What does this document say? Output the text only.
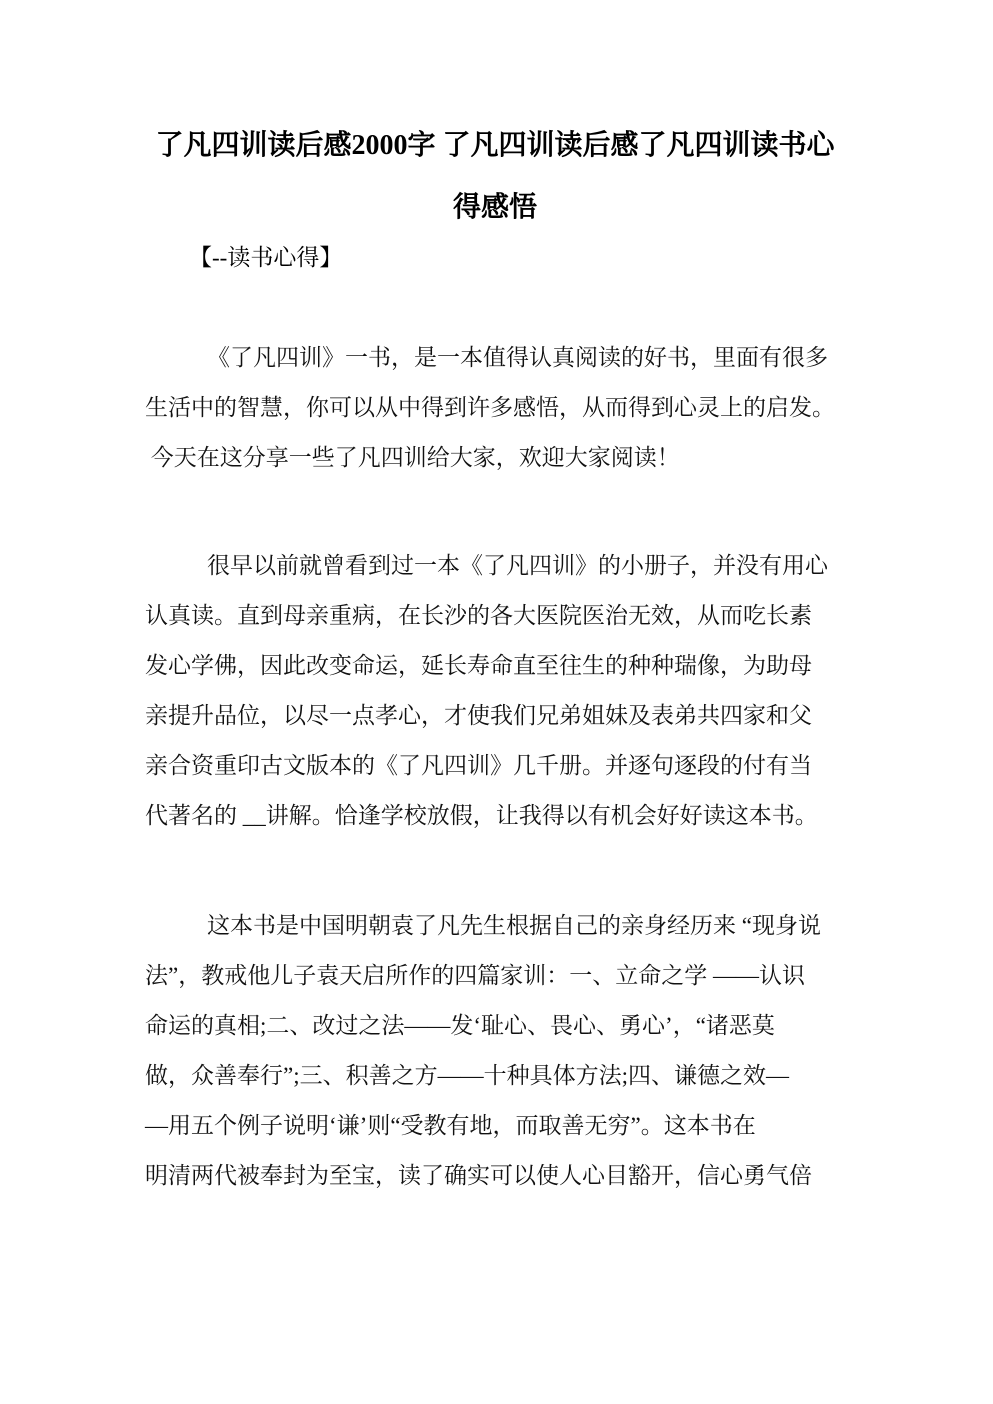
了凡四训读后感2000字 了凡四训读后感了凡四训读书心
得感悟

【--读书心得】

《了凡四训》一书，是一本值得认真阅读的好书，里面有很多
生活中的智慧，你可以从中得到许多感悟，从而得到心灵上的启发。
今天在这分享一些了凡四训给大家，欢迎大家阅读！

很早以前就曾看到过一本《了凡四训》的小册子，并没有用心
认真读。直到母亲重病，在长沙的各大医院医治无效，从而吃长素
发心学佛，因此改变命运，延长寿命直至往生的种种瑞像，为助母
亲提升品位，以尽一点孝心，才使我们兄弟姐妹及表弟共四家和父
亲合资重印古文版本的《了凡四训》几千册。并逐句逐段的付有当
代著名的 __讲解。恰逢学校放假，让我得以有机会好好读这本书。

这本书是中国明朝袁了凡先生根据自己的亲身经历来 “现身说
法”，教戒他儿子袁天启所作的四篇家训：一、立命之学 ——认识
命运的真相;二、改过之法——发‘耻心、畏心、勇心’，“诸恶莫
做，众善奉行”;三、积善之方——十种具体方法;四、谦德之效—
—用五个例子说明‘谦’则“受教有地，而取善无穷”。这本书在
明清两代被奉封为至宝，读了确实可以使人心目豁开，信心勇气倍
